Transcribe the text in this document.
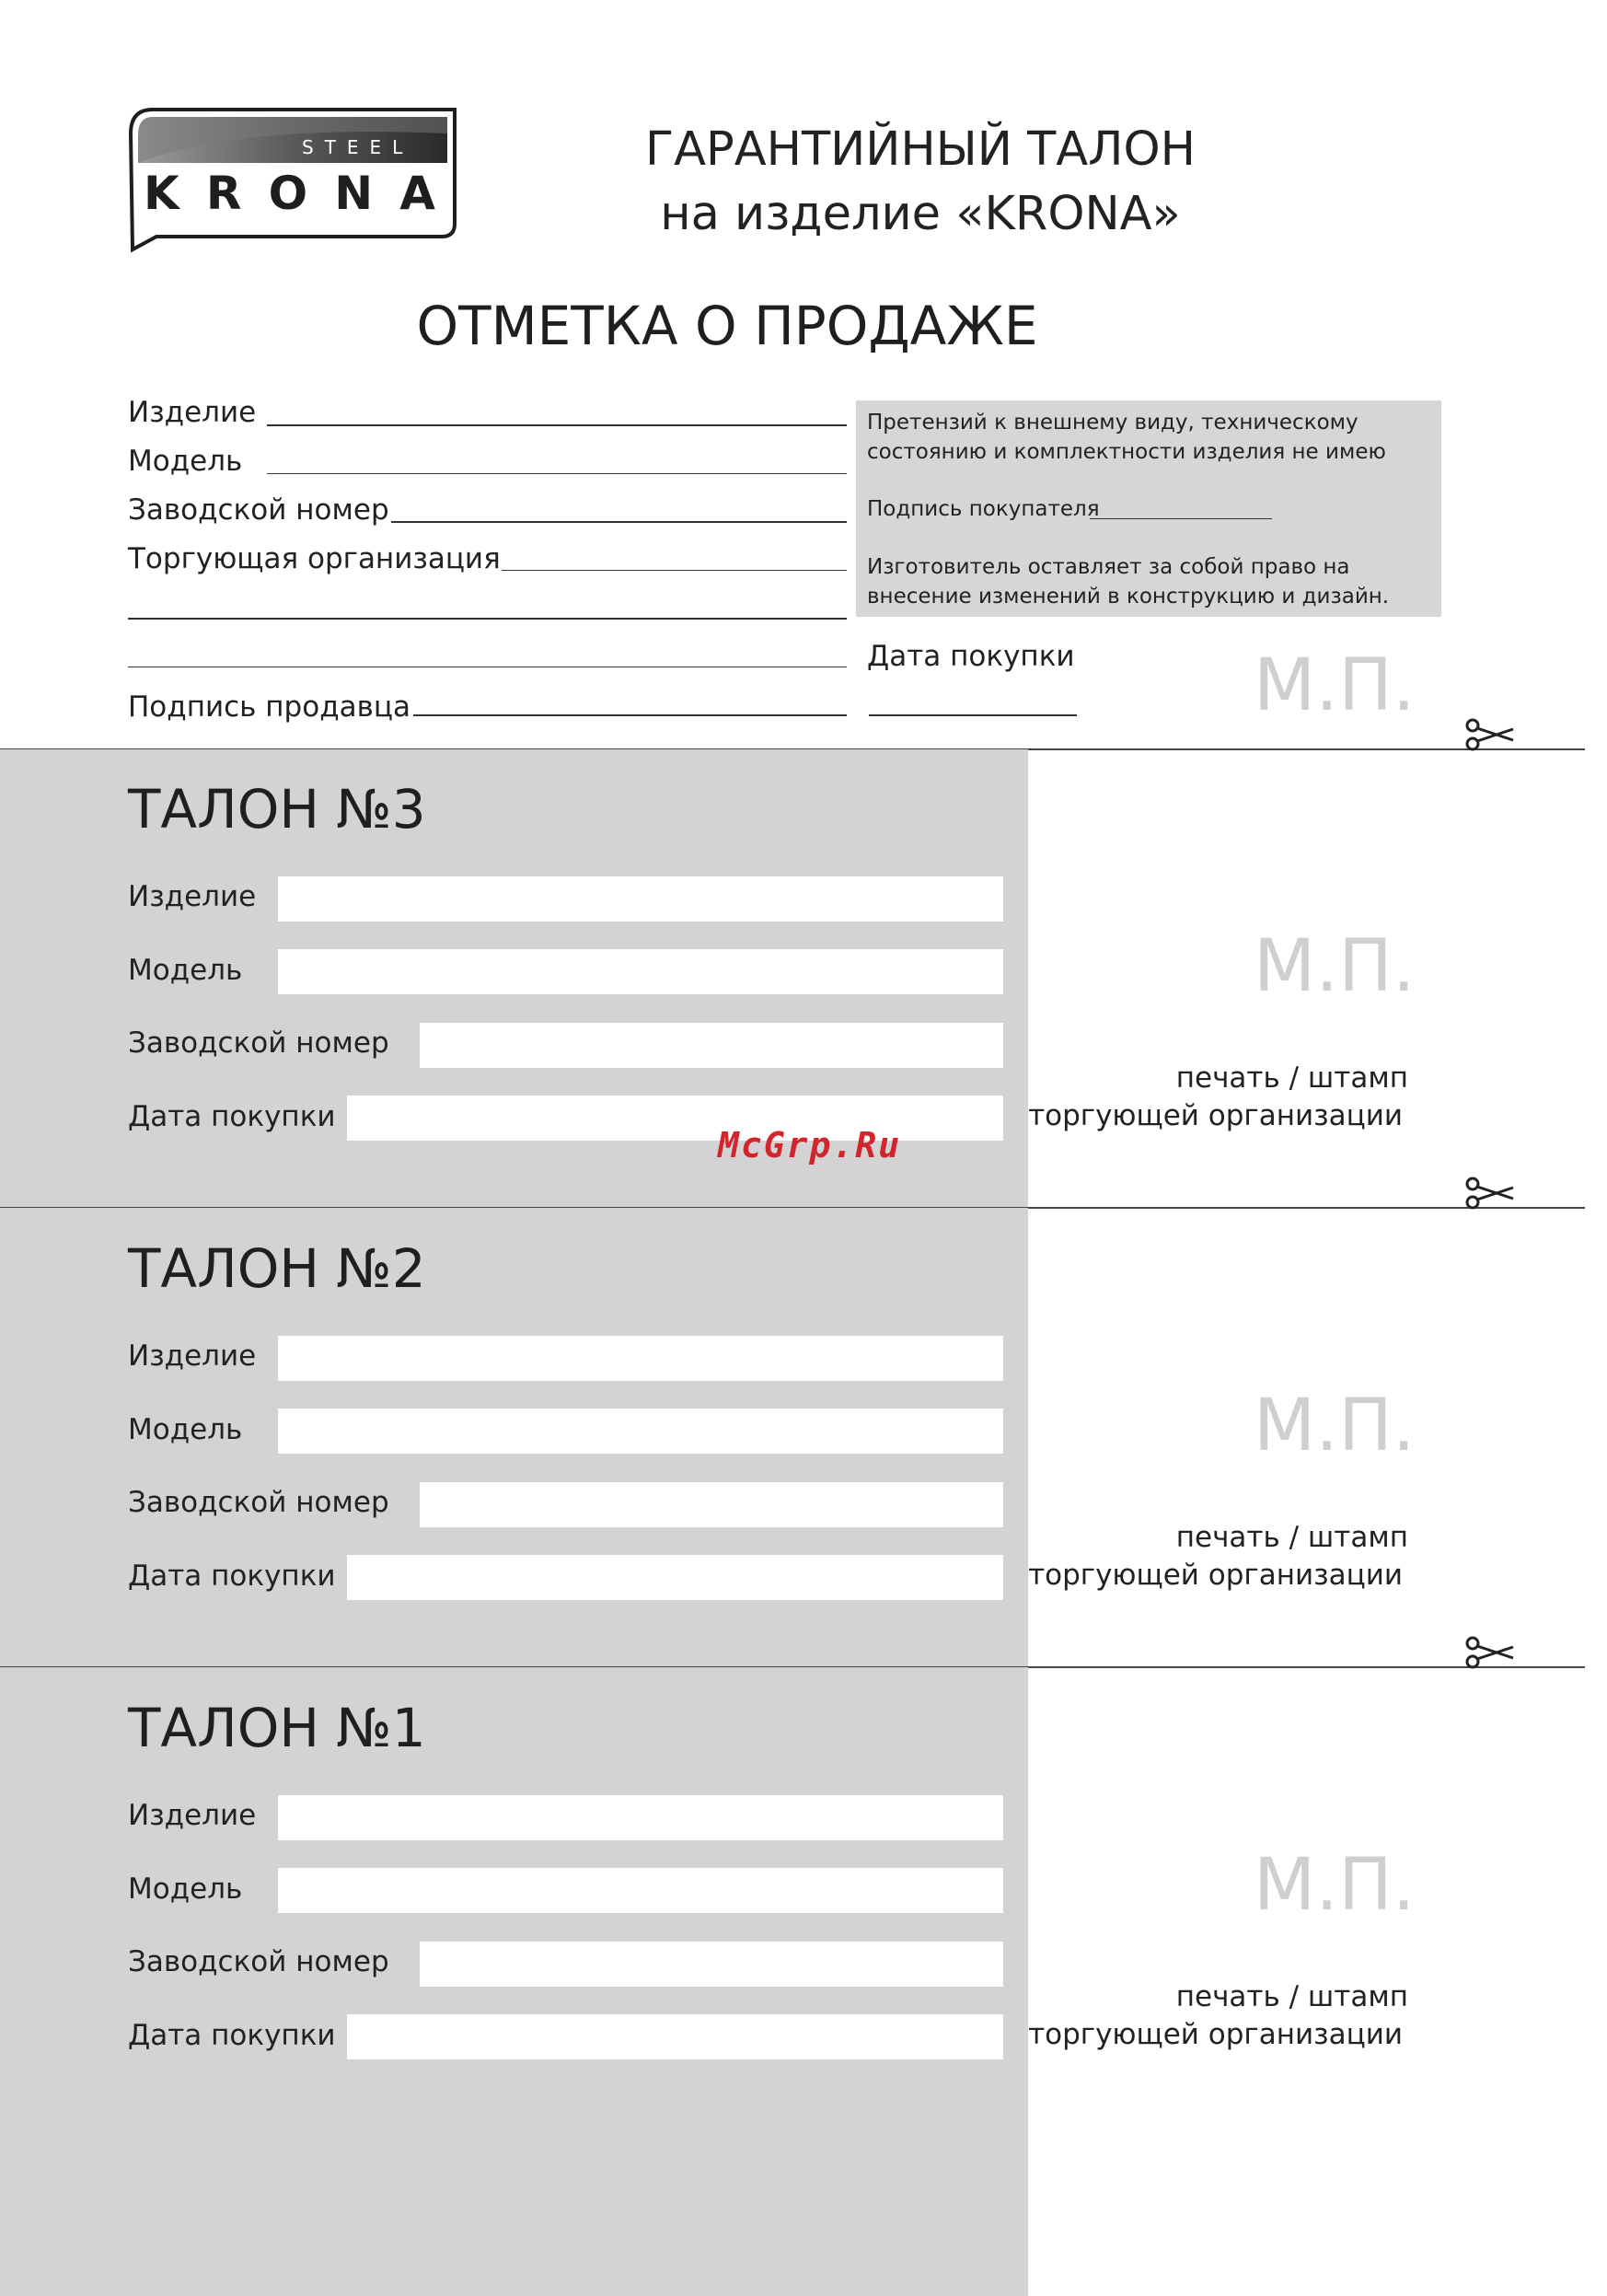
STEEL
KRONA
ГАРАНТИЙНЫЙ ТАЛОН
на изделие «KRONA»
ОТМЕТКА О ПРОДАЖЕ
Изделие
Модель
Заводской номер
Торгующая организация
Подпись продавца
Претензий к внешнему виду, техническому
состоянию и комплектности изделия не имею
Подпись покупателя
Изготовитель оставляет за собой право на
внесение изменений в конструкцию и дизайн.
Дата покупки М.П.
ТАЛОН №3
Изделие
Модель
Заводской номер
Дата покупки
М.П.
печать / штамп
торгующей организации
McGrp.Ru
ТАЛОН №2
Изделие
Модель
Заводской номер
Дата покупки
М.П.
печать / штамп
торгующей организации
ТАЛОН №1
Изделие
Модель
Заводской номер
Дата покупки
М.П.
печать / штамп
торгующей организации
